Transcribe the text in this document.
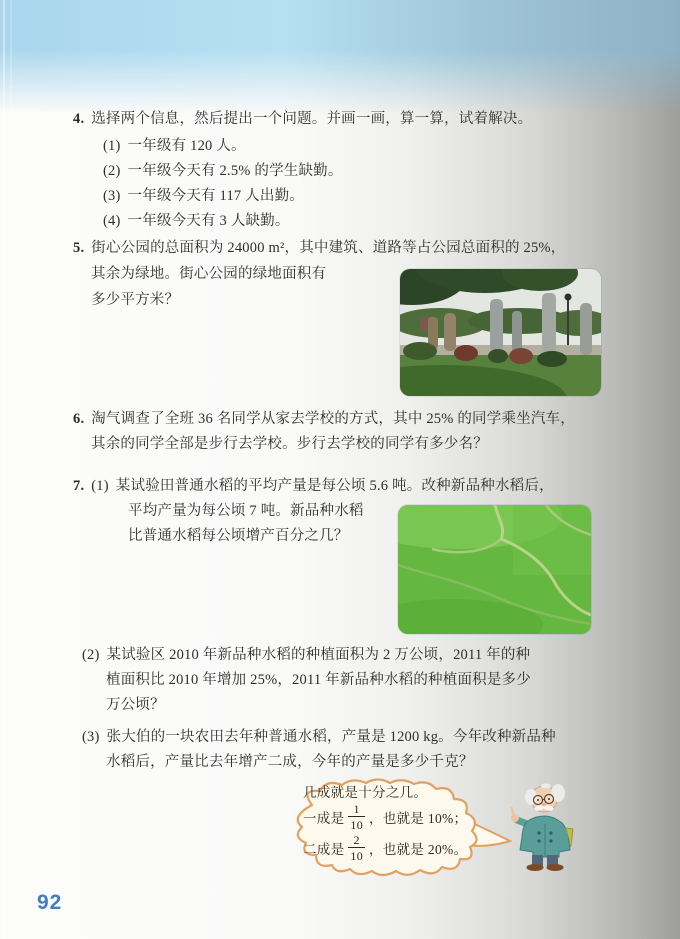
4. 选择两个信息，然后提出一个问题。并画一画，算一算，试着解决。
(1) 一年级有 120 人。
(2) 一年级今天有 2.5% 的学生缺勤。
(3) 一年级今天有 117 人出勤。
(4) 一年级今天有 3 人缺勤。
5. 街心公园的总面积为 24000 m²，其中建筑、道路等占公园总面积的 25%，
其余为绿地。街心公园的绿地面积有
多少平方米？
6. 淘气调查了全班 36 名同学从家去学校的方式，其中 25% 的同学乘坐汽车，
其余的同学全部是步行去学校。步行去学校的同学有多少名？
7. (1) 某试验田普通水稻的平均产量是每公顷 5.6 吨。改种新品种水稻后，
平均产量为每公顷 7 吨。新品种水稻
比普通水稻每公顷增产百分之几？
(2) 某试验区 2010 年新品种水稻的种植面积为 2 万公顷，2011 年的种
植面积比 2010 年增加 25%，2011 年新品种水稻的种植面积是多少
万公顷？
(3) 张大伯的一块农田去年种普通水稻，产量是 1200 kg。今年改种新品种
水稻后，产量比去年增产二成，今年的产量是多少千克？
几成就是十分之几。
一成是 $\frac{1}{10}$ ，也就是 10%；
二成是 $\frac{2}{10}$ ，也就是 20%。
92
